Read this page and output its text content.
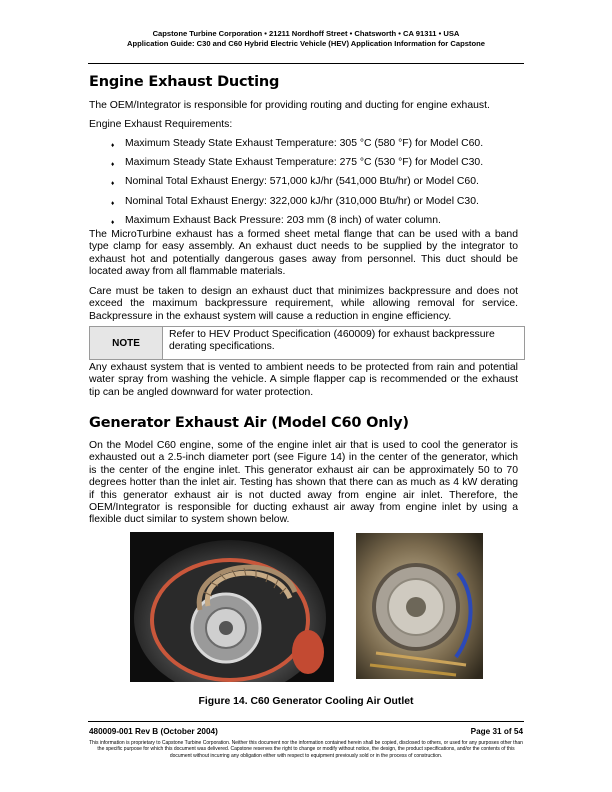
Capstone Turbine Corporation • 21211 Nordhoff Street • Chatsworth • CA 91311 • USA
Application Guide: C30 and C60 Hybrid Electric Vehicle (HEV) Application Information for Capstone
Engine Exhaust Ducting
The OEM/Integrator is responsible for providing routing and ducting for engine exhaust.
Engine Exhaust Requirements:
♦ Maximum Steady State Exhaust Temperature: 305 °C (580 °F) for Model C60.
♦ Maximum Steady State Exhaust Temperature: 275 °C (530 °F) for Model C30.
♦ Nominal Total Exhaust Energy: 571,000 kJ/hr (541,000 Btu/hr) or Model C60.
♦ Nominal Total Exhaust Energy: 322,000 kJ/hr (310,000 Btu/hr) or Model C30.
♦ Maximum Exhaust Back Pressure: 203 mm (8 inch) of water column.
The MicroTurbine exhaust has a formed sheet metal flange that can be used with a band type clamp for easy assembly. An exhaust duct needs to be supplied by the integrator to exhaust hot and potentially dangerous gases away from personnel. This duct should be located away from all flammable materials.
Care must be taken to design an exhaust duct that minimizes backpressure and does not exceed the maximum backpressure requirement, while allowing removal for service. Backpressure in the exhaust system will cause a reduction in engine efficiency.
NOTE
Refer to HEV Product Specification (460009) for exhaust backpressure derating specifications.
Any exhaust system that is vented to ambient needs to be protected from rain and potential water spray from washing the vehicle. A simple flapper cap is recommended or the exhaust tip can be angled downward for water protection.
Generator Exhaust Air (Model C60 Only)
On the Model C60 engine, some of the engine inlet air that is used to cool the generator is exhausted out a 2.5-inch diameter port (see Figure 14) in the center of the generator, which is the center of the engine inlet. This generator exhaust air can be approximately 50 to 70 degrees hotter than the inlet air. Testing has shown that there can as much as 4 kW derating if this generator exhaust air is not ducted away from engine air inlet. Therefore, the OEM/Integrator is responsible for ducting exhaust air away from engine inlet by using a flexible duct similar to system shown below.
Figure 14. C60 Generator Cooling Air Outlet
480009-001 Rev B (October 2004)	Page 31 of 54
This information is proprietary to Capstone Turbine Corporation. Neither this document nor the information contained herein shall be copied, disclosed to others, or used for any purposes other than the specific purpose for which this document was delivered. Capstone reserves the right to change or modify without notice, the design, the product specifications, and/or the contents of this document without incurring any obligation either with respect to equipment previously sold or in the process of construction.
